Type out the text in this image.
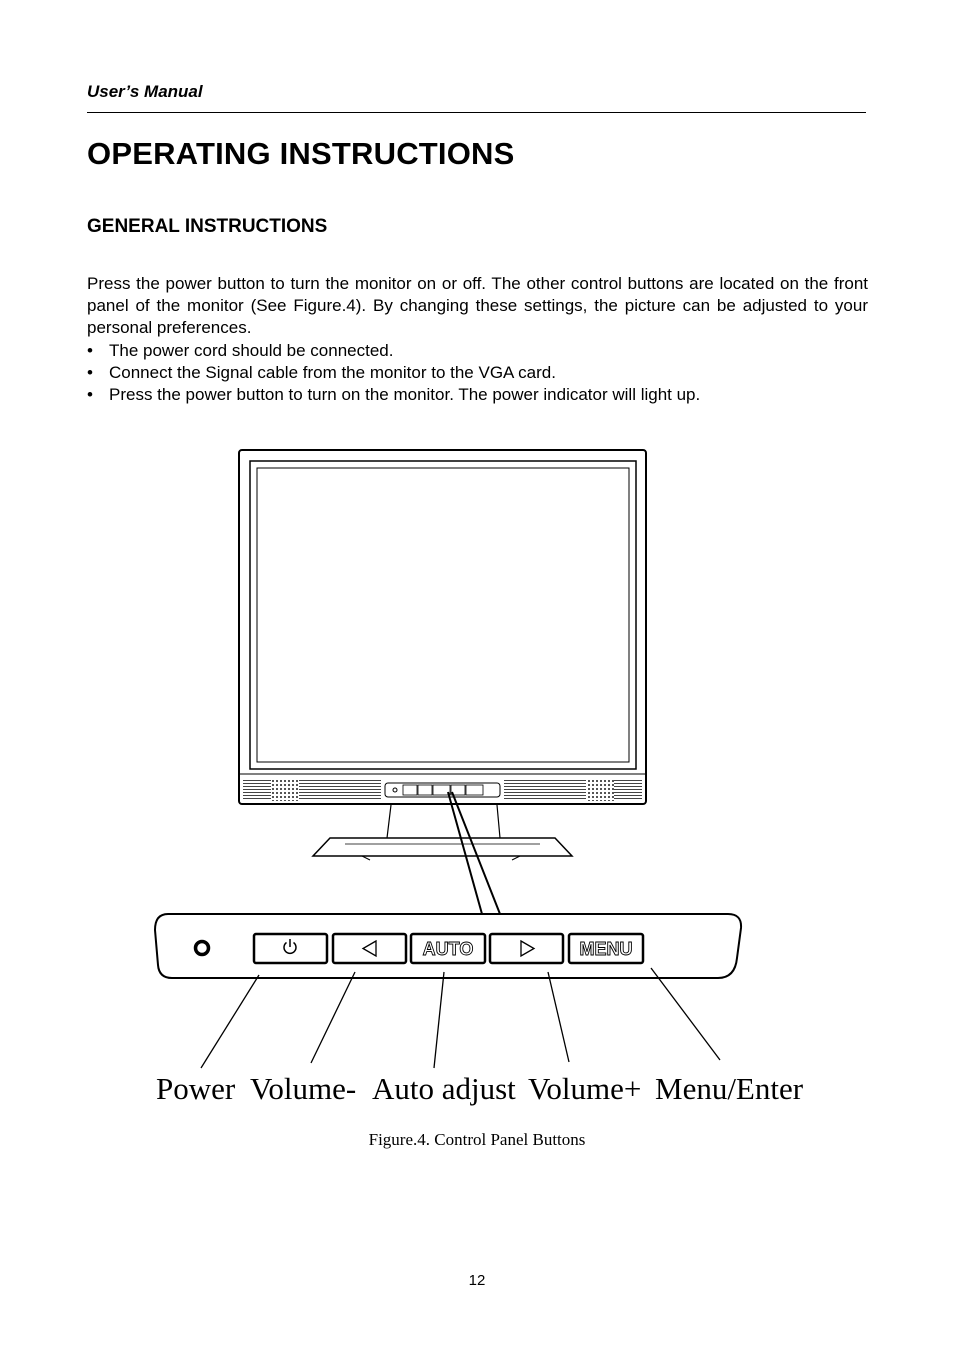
User’s Manual
OPERATING INSTRUCTIONS
GENERAL INSTRUCTIONS

Press the power button to turn the monitor on or off. The other control buttons are located on the front panel of the monitor (See Figure.4). By changing these settings, the picture can be adjusted to your personal preferences.

• The power cord should be connected.
• Connect the Signal cable from the monitor to the VGA card.
• Press the power button to turn on the monitor. The power indicator will light up.
AUTO	MENU
Power Volume- Auto adjust Volume+ Menu/Enter
Figure.4. Control Panel Buttons
12
